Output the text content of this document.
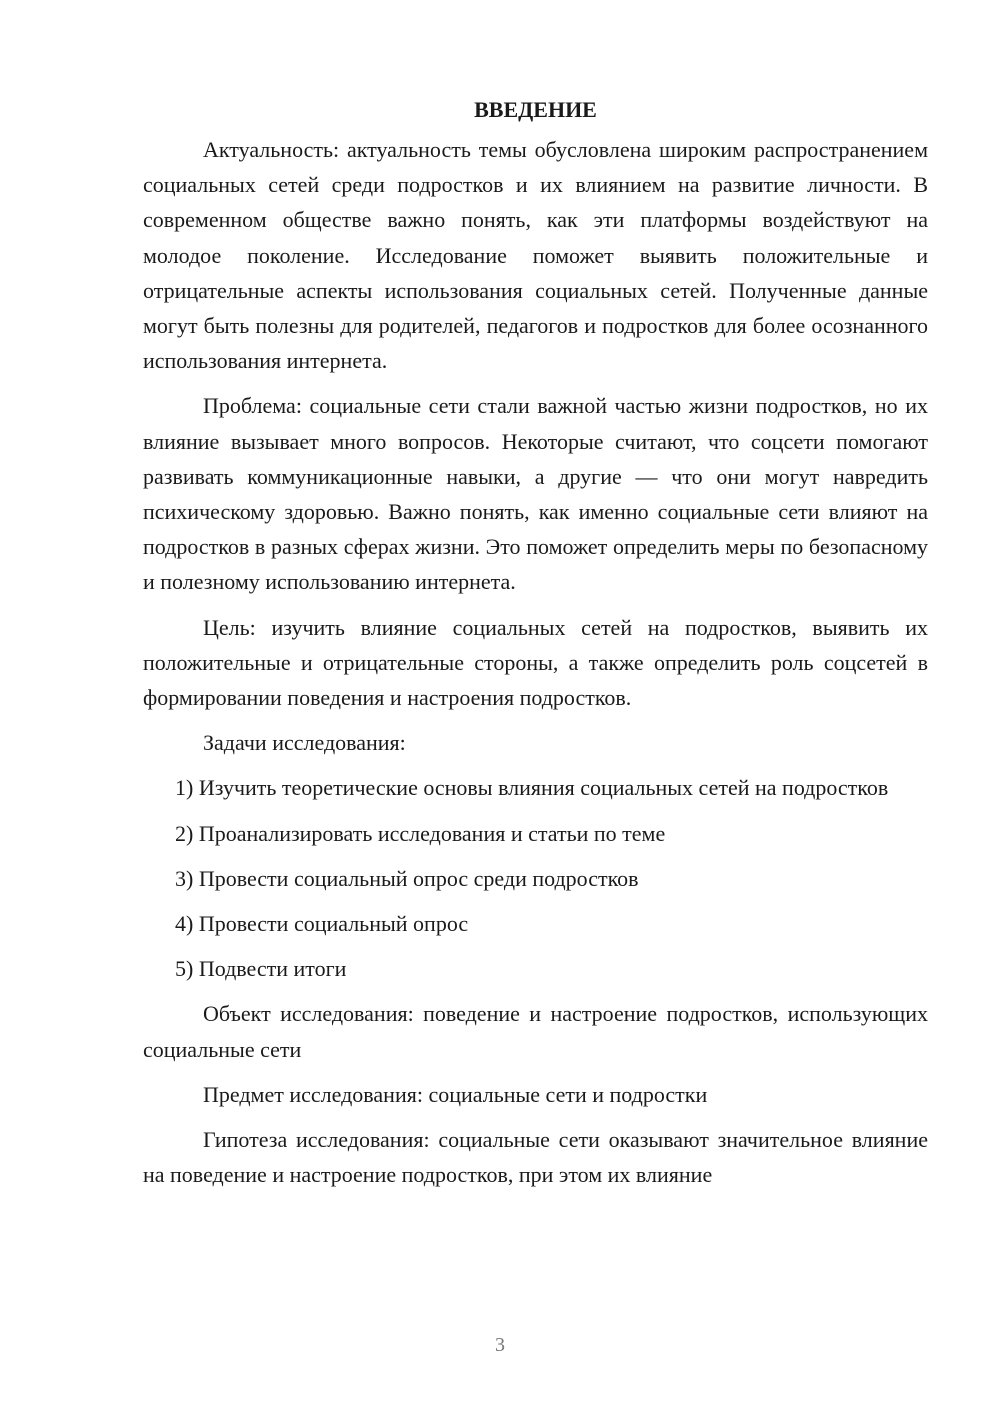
ВВЕДЕНИЕ

Актуальность: актуальность темы обусловлена широким распространением социальных сетей среди подростков и их влиянием на развитие личности. В современном обществе важно понять, как эти платформы воздействуют на молодое поколение. Исследование поможет выявить положительные и отрицательные аспекты использования социальных сетей. Полученные данные могут быть полезны для родителей, педагогов и подростков для более осознанного использования интернета.

Проблема: социальные сети стали важной частью жизни подростков, но их влияние вызывает много вопросов. Некоторые считают, что соцсети помогают развивать коммуникационные навыки, а другие — что они могут навредить психическому здоровью. Важно понять, как именно социальные сети влияют на подростков в разных сферах жизни. Это поможет определить меры по безопасному и полезному использованию интернета.

Цель: изучить влияние социальных сетей на подростков, выявить их положительные и отрицательные стороны, а также определить роль соцсетей в формировании поведения и настроения подростков.

Задачи исследования:

1) Изучить теоретические основы влияния социальных сетей на подростков

2) Проанализировать исследования и статьи по теме

3) Провести социальный опрос среди подростков

4) Провести социальный опрос

5) Подвести итоги

Объект исследования: поведение и настроение подростков, использующих социальные сети

Предмет исследования: социальные сети и подростки

Гипотеза исследования: социальные сети оказывают значительное влияние на поведение и настроение подростков, при этом их влияние

3
